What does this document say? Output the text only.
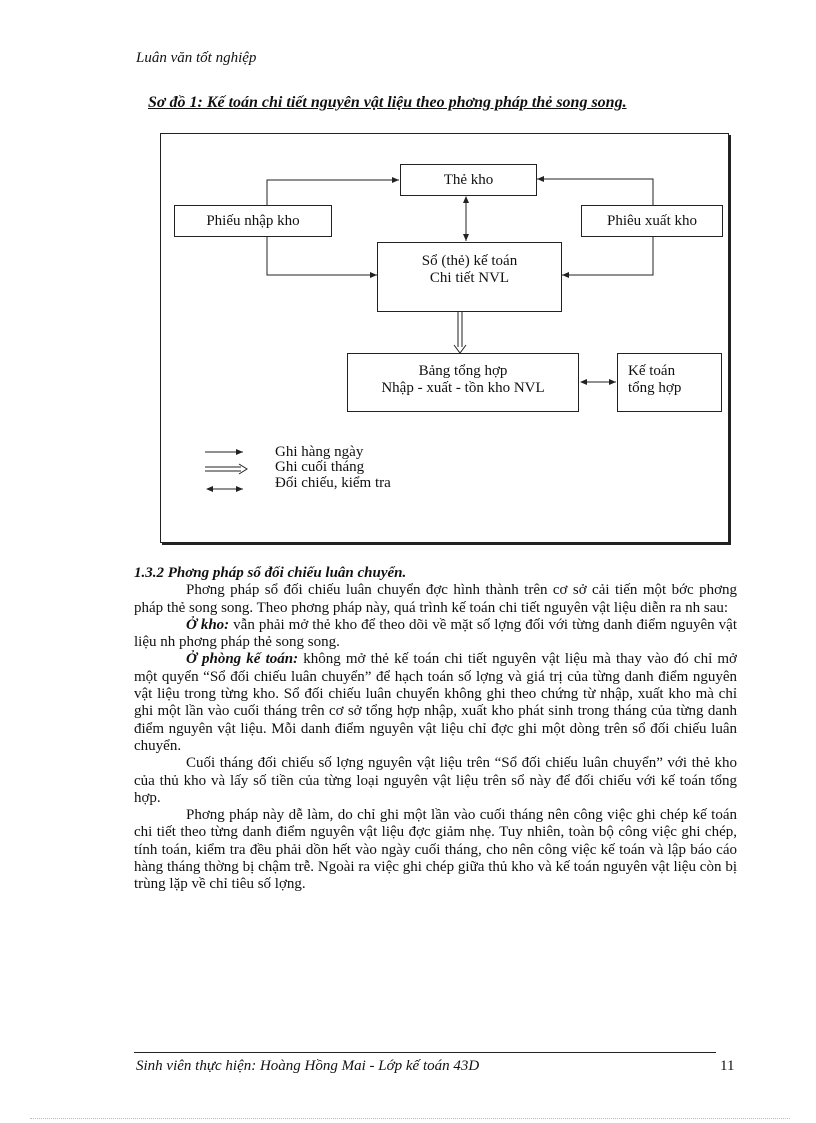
Luân văn tốt nghiệp
Sơ đồ 1: Kế toán chi tiết nguyên vật liệu theo phơng pháp thẻ song song.
Thẻ kho
Phiếu nhập kho	Phiêu xuất kho
Sổ (thẻ) kế toán
Chi tiết NVL
Bảng tổng hợp
Nhập - xuất - tồn kho NVL
Kế toán
tổng hợp
Ghi hàng ngày
Ghi cuối tháng
Đối chiếu, kiểm tra

1.3.2 Phơng pháp sổ đối chiếu luân chuyển.

Phơng pháp sổ đối chiếu luân chuyển đợc hình thành trên cơ sở cải tiến một bớc phơng pháp thẻ song song. Theo phơng pháp này, quá trình kế toán chi tiết nguyên vật liệu diễn ra nh sau:

Ở kho: vẫn phải mở thẻ kho để theo dõi về mặt số lợng đối với từng danh điểm nguyên vật liệu nh phơng pháp thẻ song song.

Ở phòng kế toán: không mở thẻ kế toán chi tiết nguyên vật liệu mà thay vào đó chỉ mở một quyển “Sổ đối chiếu luân chuyển” để hạch toán số lợng và giá trị của từng danh điểm nguyên vật liệu trong từng kho. Sổ đối chiếu luân chuyển không ghi theo chứng từ nhập, xuất kho mà chỉ ghi một lần vào cuối tháng trên cơ sở tổng hợp nhập, xuất kho phát sinh trong tháng của từng danh điểm nguyên vật liệu. Mỗi danh điểm nguyên vật liệu chỉ đợc ghi một dòng trên sổ đối chiếu luân chuyển.

Cuối tháng đối chiếu số lợng nguyên vật liệu trên “Sổ đối chiếu luân chuyển” với thẻ kho của thủ kho và lấy số tiền của từng loại nguyên vật liệu trên sổ này để đối chiếu với kế toán tổng hợp.

Phơng pháp này dễ làm, do chỉ ghi một lần vào cuối tháng nên công việc ghi chép kế toán chi tiết theo từng danh điểm nguyên vật liệu đợc giảm nhẹ. Tuy nhiên, toàn bộ công việc ghi chép, tính toán, kiểm tra đều phải dồn hết vào ngày cuối tháng, cho nên công việc kế toán và lập báo cáo hàng tháng thờng bị chậm trễ. Ngoài ra việc ghi chép giữa thủ kho và kế toán nguyên vật liệu còn bị trùng lặp về chỉ tiêu số lợng.

Sinh viên thực hiện: Hoàng Hồng Mai - Lớp kế toán 43D	11
